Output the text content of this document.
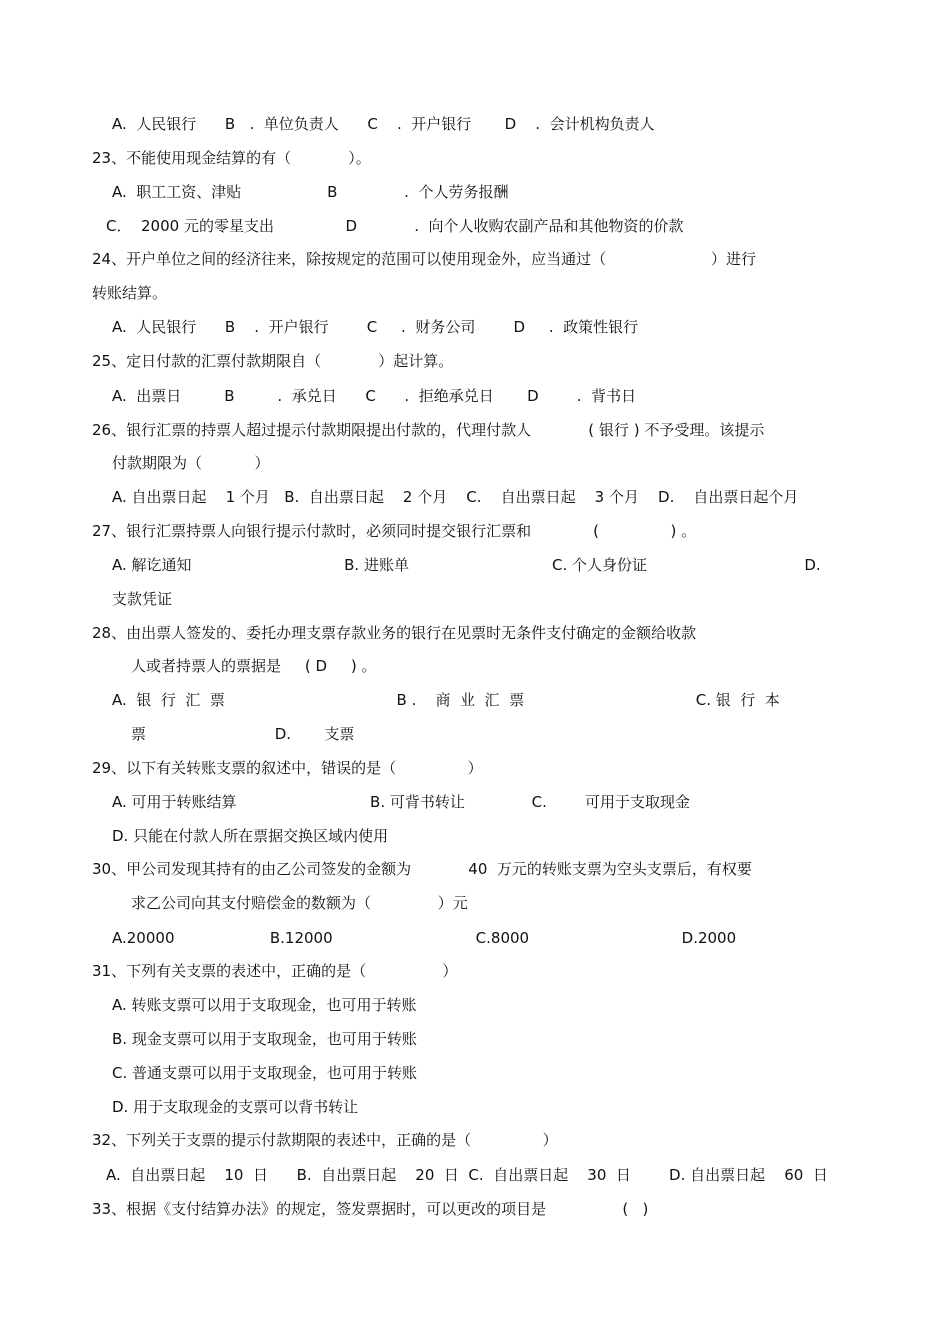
A.  人民银行      B   .  单位负责人      C    .  开户银行       D    .  会计机构负责人
23、不能使用现金结算的有（            ）。
A.  职工工资、津贴                  B              .  个人劳务报酬
C．  2000 元的零星支出               D            .  向个人收购农副产品和其他物资的价款
24、开户单位之间的经济往来，除按规定的范围可以使用现金外，应当通过（                      ）进行
转账结算。
A.  人民银行      B    .  开户银行        C     .  财务公司        D     .  政策性银行
25、定日付款的汇票付款期限自（            ）起计算。
A.  出票日         B         .  承兑日      C      .  拒绝承兑日       D        .  背书日
26、银行汇票的持票人超过提示付款期限提出付款的，代理付款人            ( 银行 ) 不予受理。该提示
付款期限为（           ）
A. 自出票日起    1 个月   B.  自出票日起    2 个月    C.    自出票日起    3 个月    D.    自出票日起个月
27、银行汇票持票人向银行提示付款时，必须同时提交银行汇票和             (               ) 。
A. 解讫通知                                B. 进账单                              C. 个人身份证                                 D.
支款凭证
28、由出票人签发的、委托办理支票存款业务的银行在见票时无条件支付确定的金额给收款
人或者持票人的票据是     ( D     ) 。
A.  银  行  汇  票                                    B .    商  业  汇  票                                    C. 银  行  本
票                           D.       支票
29、以下有关转账支票的叙述中，错误的是（               ）
A. 可用于转账结算                            B. 可背书转让              C.        可用于支取现金
D. 只能在付款人所在票据交换区域内使用
30、甲公司发现其持有的由乙公司签发的金额为            40  万元的转账支票为空头支票后，有权要
求乙公司向其支付赔偿金的数额为（              ）元
A.20000                    B.12000                              C.8000                                D.2000
31、下列有关支票的表述中，正确的是（                ）
A. 转账支票可以用于支取现金，也可用于转账
B. 现金支票可以用于支取现金，也可用于转账
C. 普通支票可以用于支取现金，也可用于转账
D. 用于支取现金的支票可以背书转让
32、下列关于支票的提示付款期限的表述中，正确的是（               ）
A.  自出票日起    10  日      B.  自出票日起    20  日  C.  自出票日起    30  日        D. 自出票日起    60  日
33、根据《支付结算办法》的规定，签发票据时，可以更改的项目是                (   )
